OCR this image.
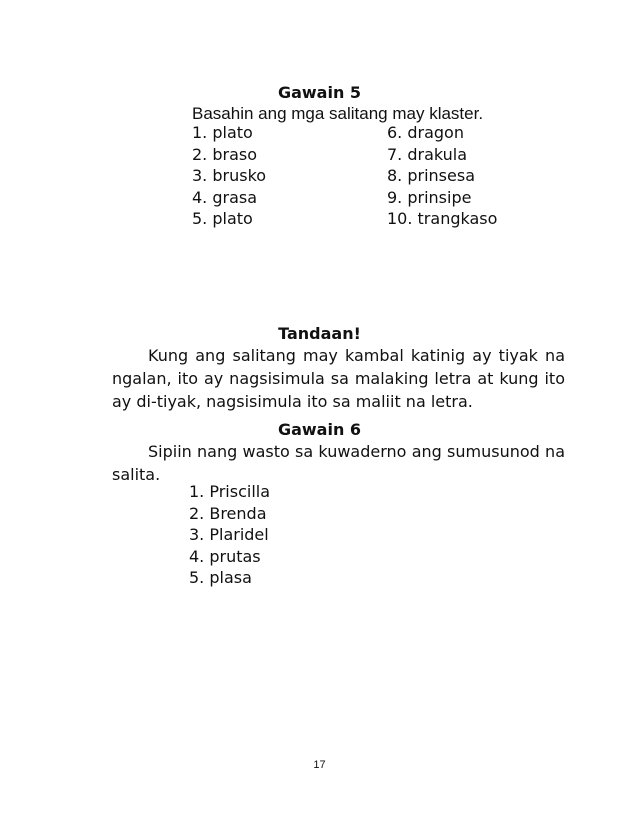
Gawain 5
Basahin ang mga salitang may klaster.
1. plato
2. braso
3. brusko
4. grasa
5. plato
6. dragon
7. drakula
8. prinsesa
9. prinsipe
10. trangkaso
Tandaan!

Kung ang salitang may kambal katinig ay tiyak na ngalan, ito ay nagsisimula sa malaking letra at kung ito ay di-tiyak, nagsisimula ito sa maliit na letra.

Gawain 6

Sipiin nang wasto sa kuwaderno ang sumusunod na salita.

1. Priscilla
2. Brenda
3. Plaridel
4. prutas
5. plasa
17
